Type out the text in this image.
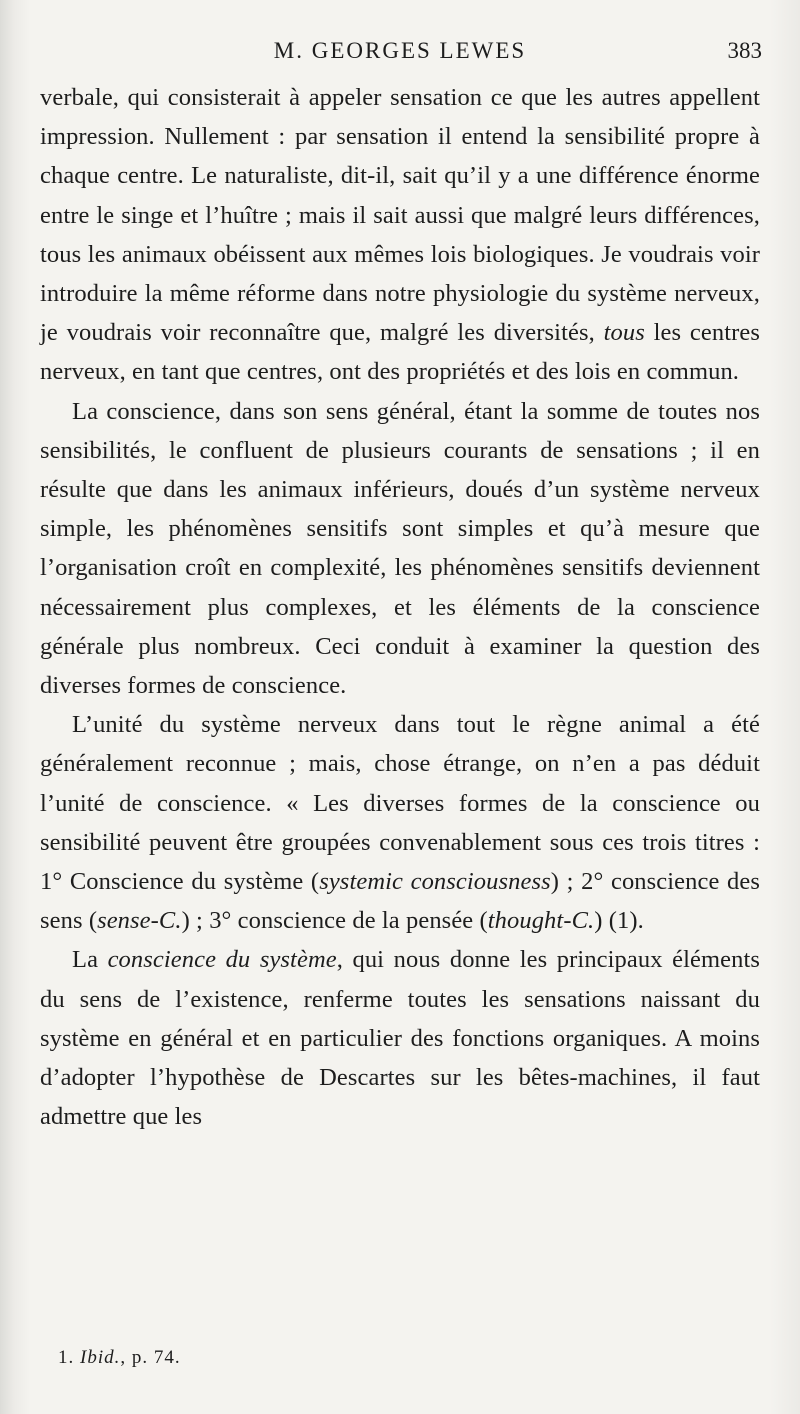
M. GEORGES LEWES	383

verbale, qui consisterait à appeler sensation ce que les autres appellent impression. Nullement : par sensation il entend la sensibilité propre à chaque centre. Le naturaliste, dit-il, sait qu’il y a une différence énorme entre le singe et l’huître ; mais il sait aussi que malgré leurs différences, tous les animaux obéissent aux mêmes lois biologiques. Je voudrais voir introduire la même réforme dans notre physiologie du système nerveux, je voudrais voir reconnaître que, malgré les diversités, tous les centres nerveux, en tant que centres, ont des propriétés et des lois en commun.

La conscience, dans son sens général, étant la somme de toutes nos sensibilités, le confluent de plusieurs courants de sensations ; il en résulte que dans les animaux inférieurs, doués d’un système nerveux simple, les phénomènes sensitifs sont simples et qu’à mesure que l’organisation croît en complexité, les phénomènes sensitifs deviennent nécessairement plus complexes, et les éléments de la conscience générale plus nombreux. Ceci conduit à examiner la question des diverses formes de conscience.

L’unité du système nerveux dans tout le règne animal a été généralement reconnue ; mais, chose étrange, on n’en a pas déduit l’unité de conscience. « Les diverses formes de la conscience ou sensibilité peuvent être groupées convenablement sous ces trois titres : 1° Conscience du système (systemic consciousness) ; 2° conscience des sens (sense-C.) ; 3° conscience de la pensée (thought-C.) (1).

La conscience du système, qui nous donne les principaux éléments du sens de l’existence, renferme toutes les sensations naissant du système en général et en particulier des fonctions organiques. A moins d’adopter l’hypothèse de Descartes sur les bêtes-machines, il faut admettre que les

1. Ibid., p. 74.
